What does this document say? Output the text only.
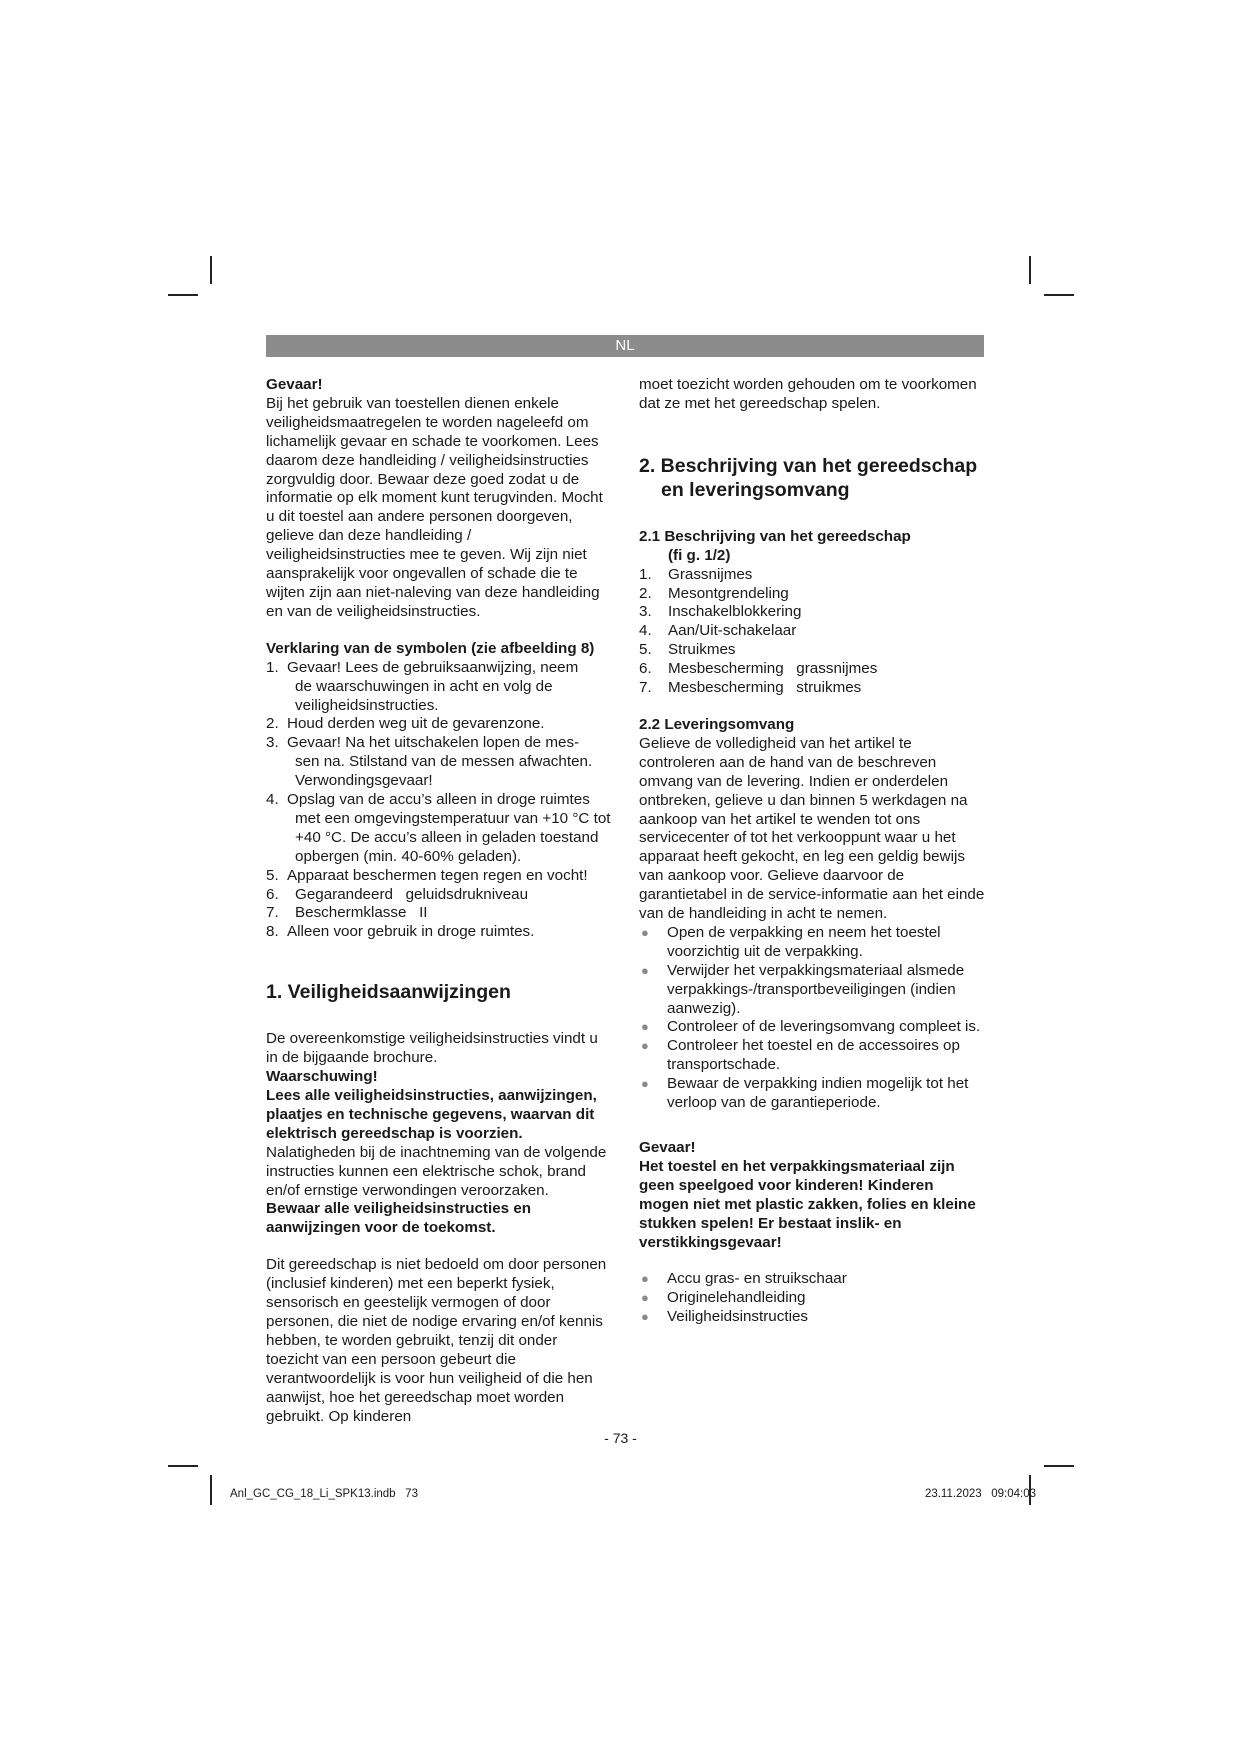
NL

Gevaar!

Bij het gebruik van toestellen dienen enkele veiligheidsmaatregelen te worden nageleefd om lichamelijk gevaar en schade te voorkomen. Lees daarom deze handleiding / veiligheidsinstructies zorgvuldig door. Bewaar deze goed zodat u de informatie op elk moment kunt terugvinden. Mocht u dit toestel aan andere personen doorgeven, gelieve dan deze handleiding / veiligheidsinstructies mee te geven. Wij zijn niet aansprakelijk voor ongevallen of schade die te wijten zijn aan niet-naleving van deze handleiding en van de veiligheidsinstructies.

Verklaring van de symbolen (zie afbeelding 8)

1. Gevaar! Lees de gebruiksaanwijzing, neem
de waarschuwingen in acht en volg de veiligheidsinstructies.
2. Houd derden weg uit de gevarenzone.
3. Gevaar! Na het uitschakelen lopen de mes-
sen na. Stilstand van de messen afwachten. Verwondingsgevaar!
4. Opslag van de accu’s alleen in droge ruimtes
met een omgevingstemperatuur van +10 °C tot +40 °C. De accu’s alleen in geladen toestand opbergen (min. 40-60% geladen).
5. Apparaat beschermen tegen regen en vocht!
6.	Gegarandeerd   geluidsdrukniveau
7.	Beschermklasse   II
8. Alleen voor gebruik in droge ruimtes.
1. Veiligheidsaanwijzingen

De overeenkomstige veiligheidsinstructies vindt u in de bijgaande brochure.

Waarschuwing!

Lees alle veiligheidsinstructies, aanwijzingen, plaatjes en technische gegevens, waarvan dit elektrisch gereedschap is voorzien.

Nalatigheden bij de inachtneming van de volgende instructies kunnen een elektrische schok, brand en/of ernstige verwondingen veroorzaken.

Bewaar alle veiligheidsinstructies en aanwijzingen voor de toekomst.

Dit gereedschap is niet bedoeld om door personen (inclusief kinderen) met een beperkt fysiek, sensorisch en geestelijk vermogen of door personen, die niet de nodige ervaring en/of kennis hebben, te worden gebruikt, tenzij dit onder toezicht van een persoon gebeurt die verantwoordelijk is voor hun veiligheid of die hen aanwijst, hoe het gereedschap moet worden gebruikt. Op kinderen

moet toezicht worden gehouden om te voorkomen dat ze met het gereedschap spelen.

2. Beschrijving van het gereedschap
en leveringsomvang
2.1 Beschrijving van het gereedschap
(fi g. 1/2)
1.	Grassnijmes
2.	Mesontgrendeling
3.	Inschakelblokkering
4.	Aan/Uit-schakelaar
5.	Struikmes
6.	Mesbescherming   grassnijmes
7.	Mesbescherming   struikmes
2.2 Leveringsomvang

Gelieve de volledigheid van het artikel te controleren aan de hand van de beschreven omvang van de levering. Indien er onderdelen ontbreken, gelieve u dan binnen 5 werkdagen na aankoop van het artikel te wenden tot ons servicecenter of tot het verkooppunt waar u het apparaat heeft gekocht, en leg een geldig bewijs van aankoop voor. Gelieve daarvoor de garantietabel in de service-informatie aan het einde van de handleiding in acht te nemen.

●	Open de verpakking en neem het toestel voorzichtig uit de verpakking.
●	Verwijder het verpakkingsmateriaal alsmede verpakkings-/transportbeveiligingen (indien aanwezig).
●	Controleer of de leveringsomvang compleet is.
●	Controleer het toestel en de accessoires op transportschade.
●	Bewaar de verpakking indien mogelijk tot het verloop van de garantieperiode.

Gevaar!

Het toestel en het verpakkingsmateriaal zijn geen speelgoed voor kinderen! Kinderen mogen niet met plastic zakken, folies en kleine stukken spelen! Er bestaat inslik- en verstikkingsgevaar!

●	Accu gras- en struikschaar
●	Originelehandleiding
●	Veiligheidsinstructies
- 73 -
Anl_GC_CG_18_Li_SPK13.indb   73	23.11.2023   09:04:03
